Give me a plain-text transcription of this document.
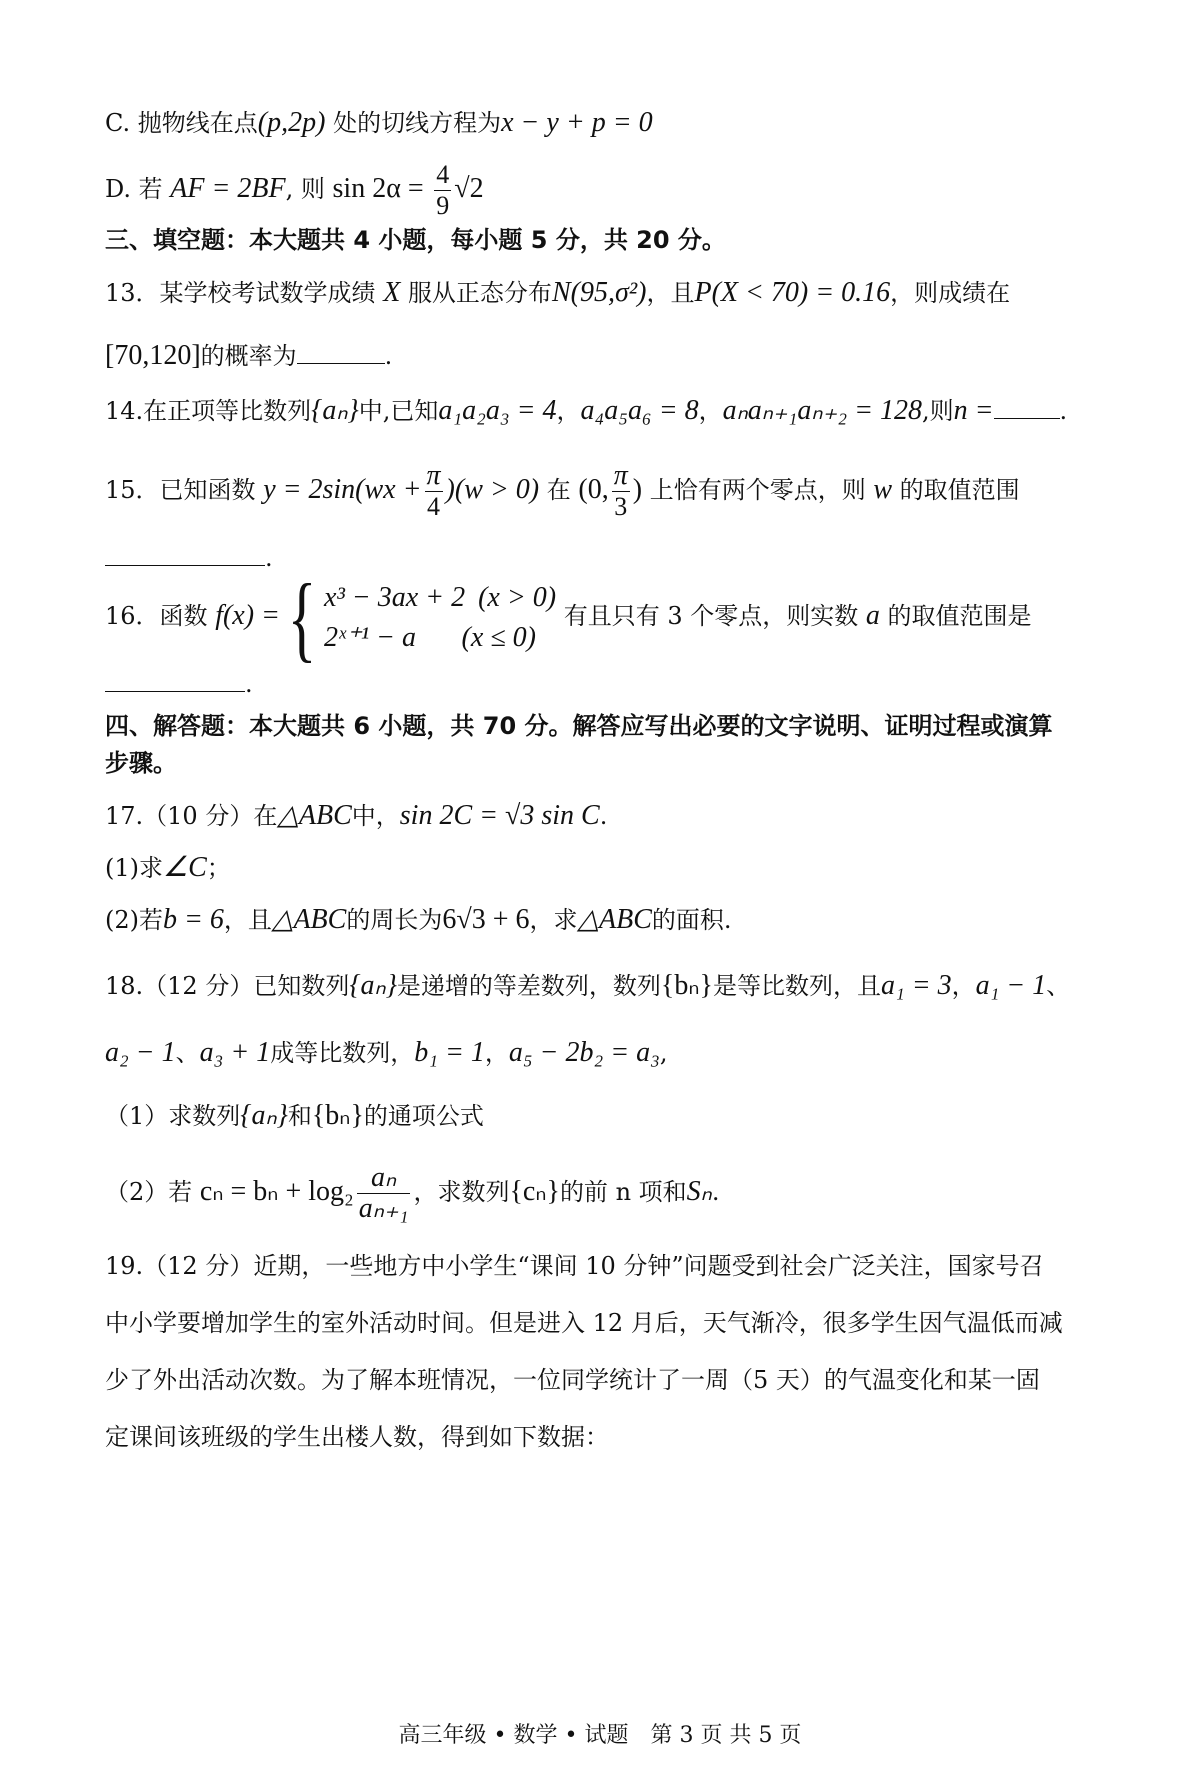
C. 抛物线在点(p,2p) 处的切线方程为x − y + p = 0
D. 若 AF = 2BF, 则 $\sin 2\alpha = \frac{4}{9} √2$
三、填空题：本大题共 4 小题，每小题 5 分，共 20 分。
13．某学校考试数学成绩 X 服从正态分布N(95,σ²)，且P(X < 70) = 0.16，则成绩在
[70,120]的概率为	.
14.在正项等比数列{aₙ}中,已知a₁a₂a₃ = 4，a₄a₅a₆ = 8，aₙaₙ₊₁aₙ₊₂ = 128,则n =	.
15．已知函数 $y = 2\sin(wx + \frac{\pi}{4} )(w > 0)$ 在 (0, $\frac{\pi}{3}$ ) 上恰有两个零点，则 w 的取值范围
.
16．函数 f(x) = { x³ − 3ax + 2 (x > 0)
2ˣ⁺¹ − a (x ≤ 0)
有且只有 3 个零点，则实数 a 的取值范围是
.
四、解答题：本大题共 6 小题，共 70 分。解答应写出必要的文字说明、证明过程或演算
步骤。
17.（10 分）在△ABC中，sin 2C = √3 sin C.
(1)求∠C；
(2)若b = 6，且△ABC的周长为6√3 + 6，求△ABC的面积.
18.（12 分）已知数列{aₙ}是递增的等差数列，数列{bₙ}是等比数列，且a₁ = 3，a₁ − 1、
a₂ − 1、a₃ + 1成等比数列，b₁ = 1，a₅ − 2b₂ = a₃,
（1）求数列{aₙ}和{bₙ}的通项公式
（2）若 $c_n = b_n + \log_2 \frac{\text{aₙ}}{\text{aₙ₊₁}}$ ，求数列{cₙ}的前 n 项和Sₙ.
19.（12 分）近期，一些地方中小学生“课间 10 分钟”问题受到社会广泛关注，国家号召
中小学要增加学生的室外活动时间。但是进入 12 月后，天气渐冷，很多学生因气温低而减
少了外出活动次数。为了解本班情况，一位同学统计了一周（5 天）的气温变化和某一固
定课间该班级的学生出楼人数，得到如下数据：
高三年级 • 数学 • 试题　第 3 页 共 5 页
